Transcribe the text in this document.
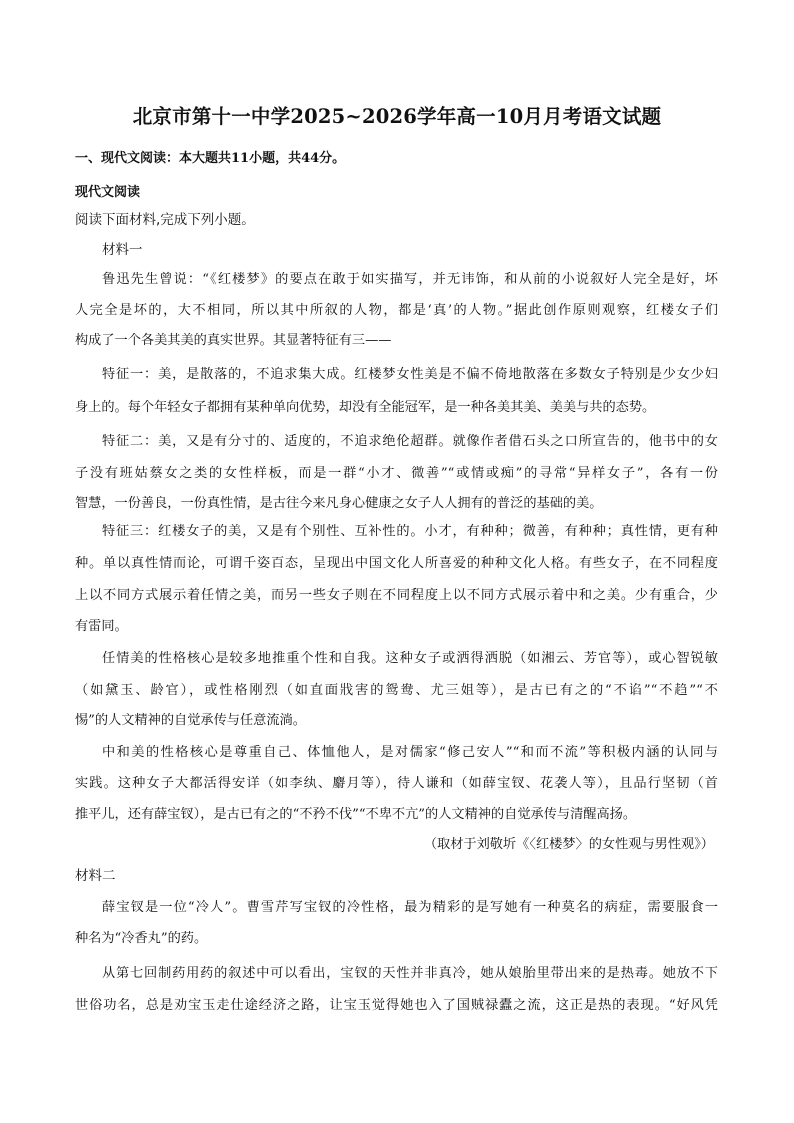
北京市第十一中学2025~2026学年高一10月月考语文试题
一、现代文阅读：本大题共11小题，共44分。
现代文阅读
阅读下面材料,完成下列小题。
材料一
鲁迅先生曾说：“《红楼梦》的要点在敢于如实描写，并无讳饰，和从前的小说叙好人完全是好，坏
人完全是坏的，大不相同，所以其中所叙的人物，都是‘真’的人物。”据此创作原则观察，红楼女子们
构成了一个各美其美的真实世界。其显著特征有三——
特征一：美，是散落的，不追求集大成。红楼梦女性美是不偏不倚地散落在多数女子特别是少女少妇
身上的。每个年轻女子都拥有某种单向优势，却没有全能冠军，是一种各美其美、美美与共的态势。
特征二：美，又是有分寸的、适度的，不追求绝伦超群。就像作者借石头之口所宣告的，他书中的女
子没有班姑蔡女之类的女性样板，而是一群“小才、微善”“或情或痴”的寻常“异样女子”，各有一份
智慧，一份善良，一份真性情，是古往今来凡身心健康之女子人人拥有的普泛的基础的美。
特征三：红楼女子的美，又是有个别性、互补性的。小才，有种种；微善，有种种；真性情，更有种
种。单以真性情而论，可谓千姿百态，呈现出中国文化人所喜爱的种种文化人格。有些女子，在不同程度
上以不同方式展示着任情之美，而另一些女子则在不同程度上以不同方式展示着中和之美。少有重合，少
有雷同。
任情美的性格核心是较多地推重个性和自我。这种女子或洒得洒脱（如湘云、芳官等），或心智锐敏
（如黛玉、龄官），或性格刚烈（如直面戕害的鸳鸯、尤三姐等），是古已有之的“不谄”“不趋”“不
惕”的人文精神的自觉承传与任意流淌。
中和美的性格核心是尊重自己、体恤他人，是对儒家“修己安人”“和而不流”等积极内涵的认同与
实践。这种女子大都活得安详（如李纨、麝月等），待人谦和（如薛宝钗、花袭人等），且品行坚韧（首
推平儿，还有薛宝钗），是古已有之的“不矜不伐”“不卑不亢”的人文精神的自觉承传与清醒高扬。
（取材于刘敬圻《〈红楼梦〉的女性观与男性观》）
材料二
薛宝钗是一位“冷人”。曹雪芹写宝钗的冷性格，最为精彩的是写她有一种莫名的病症，需要服食一
种名为“冷香丸”的药。
从第七回制药用药的叙述中可以看出，宝钗的天性并非真冷，她从娘胎里带出来的是热毒。她放不下
世俗功名，总是劝宝玉走仕途经济之路，让宝玉觉得她也入了国贼禄蠹之流，这正是热的表现。“好风凭
